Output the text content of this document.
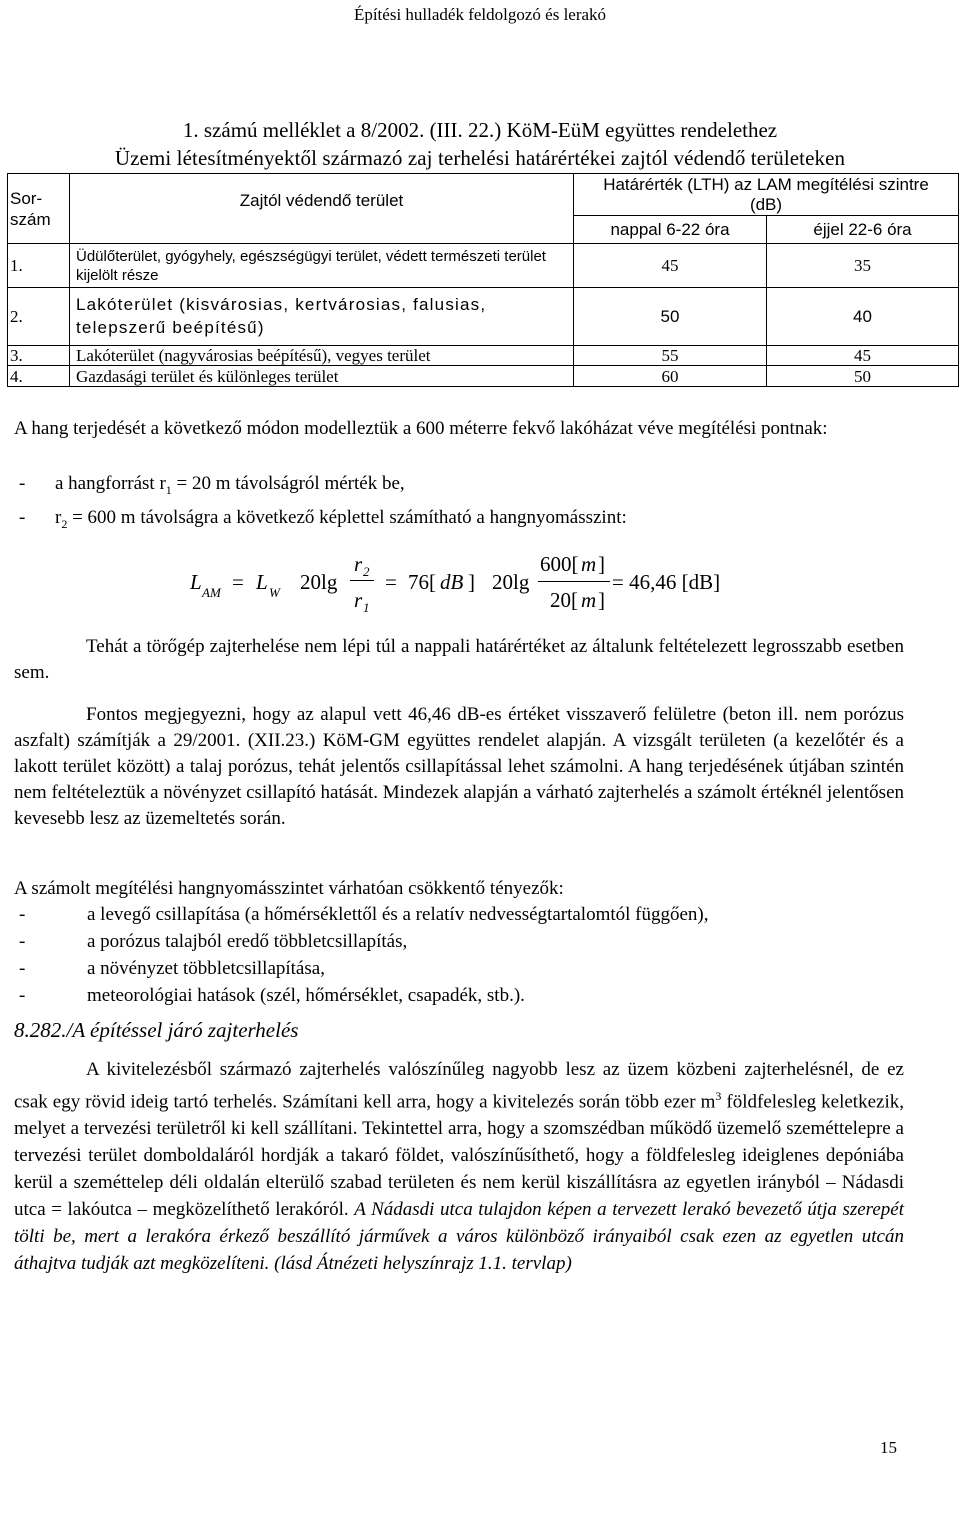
Építési hulladék feldolgozó és lerakó
1. számú melléklet a 8/2002. (III. 22.) KöM-EüM együttes rendelethez
Üzemi létesítményektől származó zaj terhelési határértékei zajtól védendő területeken
Sor-
szám	Zajtól védendő terület	Határérték (LTH) az LAM megítélési szintre
(dB)	
		nappal 6-22 óra	éjjel 22-6 óra
1.	Üdülőterület, gyógyhely, egészségügyi terület, védett természeti terület kijelölt része	45	35
2.	Lakóterület (kisvárosias, kertvárosias, falusias, telepszerű beépítésű)	50	40
3.	Lakóterület (nagyvárosias beépítésű), vegyes terület	55	45
4.	Gazdasági terület és különleges terület	60	50
A hang terjedését a következő módon modelleztük a 600 méterre fekvő lakóházat véve megítélési pontnak:
-	a hangforrást $r_1 = 20$ m távolságról mérték be,
-	$r_2 = 600$ m távolságra a következő képlettel számítható a hangnyomásszint:
L AM = L W 20lg
r 2
r 1
= 76[ dB ] 20lg
600[ m ]
20[ m ]
= 46,46 [dB]
Tehát a törőgép zajterhelése nem lépi túl a nappali határértéket az általunk feltételezett legrosszabb esetben sem.
Fontos megjegyezni, hogy az alapul vett 46,46 dB-es értéket visszaverő felületre (beton ill. nem porózus aszfalt) számítják a 29/2001. (XII.23.) KöM-GM együttes rendelet alapján. A vizsgált területen (a kezelőtér és a lakott terület között) a talaj porózus, tehát jelentős csillapítással lehet számolni. A hang terjedésének útjában szintén nem feltételeztük a növényzet csillapító hatását. Mindezek alapján a várható zajterhelés a számolt értéknél jelentősen kevesebb lesz az üzemeltetés során.
A számolt megítélési hangnyomásszintet várhatóan csökkentő tényezők:
-	a levegő csillapítása (a hőmérséklettől és a relatív nedvességtartalomtól függően),
-	a porózus talajból eredő többletcsillapítás,
-	a növényzet többletcsillapítása,
-	meteorológiai hatások (szél, hőmérséklet, csapadék, stb.).
8.282./A építéssel járó zajterhelés
A kivitelezésből származó zajterhelés valószínűleg nagyobb lesz az üzem közbeni zajterhelésnél, de ez csak egy rövid ideig tartó terhelés. Számítani kell arra, hogy a kivitelezés során több ezer $m^3$ földfelesleg keletkezik, melyet a tervezési területről ki kell szállítani. Tekintettel arra, hogy a szomszédban működő üzemelő szeméttelepre a tervezési terület domboldaláról hordják a takaró földet, valószínűsíthető, hogy a földfelesleg ideiglenes depóniába kerül a szeméttelep déli oldalán elterülő szabad területen és nem kerül kiszállításra az egyetlen irányból – Nádasdi utca = lakóutca – megközelíthető lerakóról. A Nádasdi utca tulajdon képen a tervezett lerakó bevezető útja szerepét tölti be, mert a lerakóra érkező beszállító járművek a város különböző irányaiból csak ezen az egyetlen utcán áthajtva tudják azt megközelíteni. (lásd Átnézeti helyszínrajz 1.1. tervlap)
15
